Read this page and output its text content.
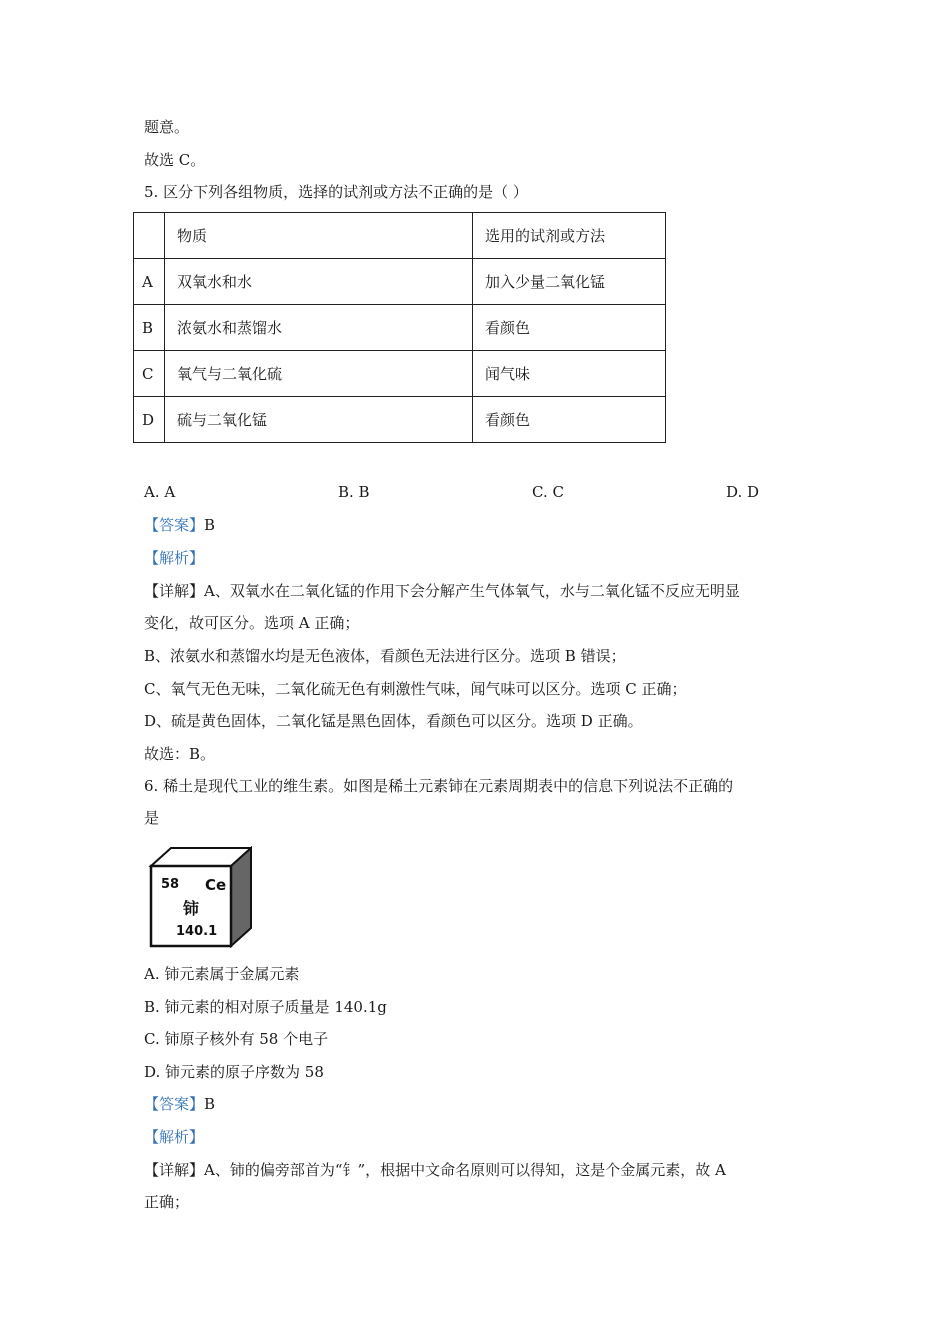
题意。
故选 C。
5. 区分下列各组物质，选择的试剂或方法不正确的是（ ）
	物质	选用的试剂或方法
A	双氧水和水	加入少量二氧化锰
B	浓氨水和蒸馏水	看颜色
C	氧气与二氧化硫	闻气味
D	硫与二氧化锰	看颜色
A. A	B. B	C. C	D. D
【答案】B
【解析】
【详解】A、双氧水在二氧化锰的作用下会分解产生气体氧气，水与二氧化锰不反应无明显
变化，故可区分。选项 A 正确；
B、浓氨水和蒸馏水均是无色液体，看颜色无法进行区分。选项 B 错误；
C、氧气无色无味，二氧化硫无色有刺激性气味，闻气味可以区分。选项 C 正确；
D、硫是黄色固体，二氧化锰是黑色固体，看颜色可以区分。选项 D 正确。
故选：B。
6. 稀土是现代工业的维生素。如图是稀土元素铈在元素周期表中的信息下列说法不正确的
是
58 Ce
铈
140.1
A. 铈元素属于金属元素
B. 铈元素的相对原子质量是 140.1g
C. 铈原子核外有 58 个电子
D. 铈元素的原子序数为 58
【答案】B
【解析】
【详解】A、铈的偏旁部首为“钅”，根据中文命名原则可以得知，这是个金属元素，故 A
正确；
